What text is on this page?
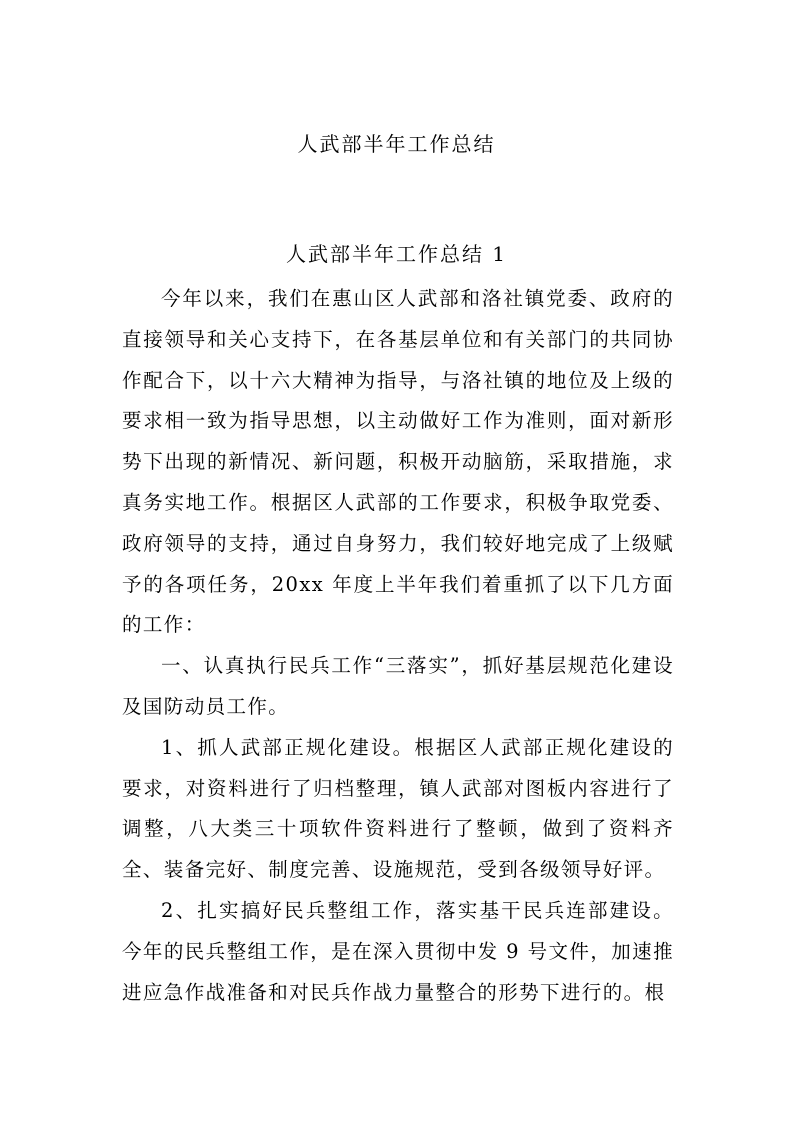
人武部半年工作总结
人武部半年工作总结 1

今年以来，我们在惠山区人武部和洛社镇党委、政府的直接领导和关心支持下，在各基层单位和有关部门的共同协作配合下，以十六大精神为指导，与洛社镇的地位及上级的要求相一致为指导思想，以主动做好工作为准则，面对新形势下出现的新情况、新问题，积极开动脑筋，采取措施，求真务实地工作。根据区人武部的工作要求，积极争取党委、政府领导的支持，通过自身努力，我们较好地完成了上级赋予的各项任务，20xx 年度上半年我们着重抓了以下几方面的工作：

一、认真执行民兵工作“三落实”，抓好基层规范化建设及国防动员工作。

1、抓人武部正规化建设。根据区人武部正规化建设的要求，对资料进行了归档整理，镇人武部对图板内容进行了调整，八大类三十项软件资料进行了整顿，做到了资料齐全、装备完好、制度完善、设施规范，受到各级领导好评。

2、扎实搞好民兵整组工作，落实基干民兵连部建设。今年的民兵整组工作，是在深入贯彻中发 9 号文件，加速推进应急作战准备和对民兵作战力量整合的形势下进行的。根
